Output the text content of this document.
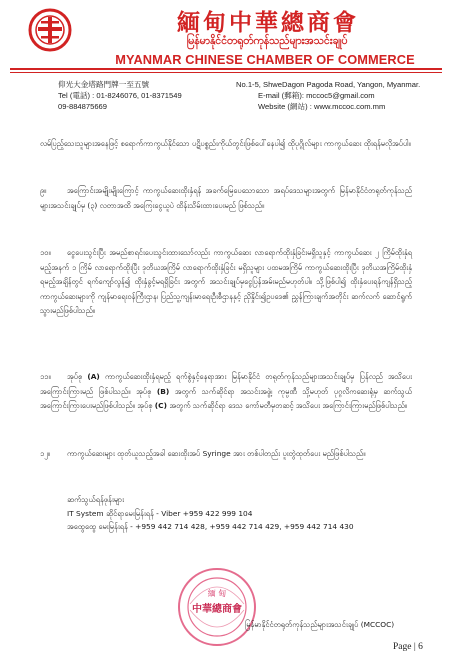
緬甸中華總商會
မြန်မာနိုင်ငံတရုတ်ကုန်သည်များအသင်းချုပ်
MYANMAR CHINESE CHAMBER OF COMMERCE
仰光大金塔路門牌一至五號
Tel (電話) : 01-8246076, 01-8371549
09-884875669
No.1-5, ShweDagon Pagoda Road, Yangon, Myanmar.
E-mail (郵箱): mccoc5@gmail.com
Website (網站) : www.mccoc.com.mm
လမ်ပြည့်သေးသူများအနေဖြင့် စရောက်ကာကွယ်နိုင်သော ပဋိပစ္စည်းကိုယ်တွင်းဖြစ်ပေါ်နေပါ၍ ထိုပုဂ္ဂိုလ်များ ကာကွယ်ဆေး ထိုးရန်မလိုအပ်ပါ။
၉။	အကြောင်းအမျိုးမျိုးကြောင့် ကာကွယ်ဆေးထိုးနှံရန် အခက်မြေပေသောသော အရပ်ဒေသများအတွက် မြန်မာနိုင်ငံတရုတ်ကုန်သည်များအသင်းချုပ်မှ (၃) လတာအထိ အကြေးငွေယူပဲ ထိန်းသိမ်းထားပေးမည် ဖြစ်သည်။
၁၀။	ငွေပေးသွင်းပြီး အမည်စာရင်းပေးသွင်းထားသော်လည်း ကာကွယ်ဆေး လာရောက်ထိုးနှံခြင်းမရှိသူနှင့် ကာကွယ်ဆေး ၂ ကြိမ်ထိုးနှံရမည့်အနက် ၁ ကြိမ် လာရောက်ထိုးပြီး ဒုတိယအကြိမ် လာရောက်ထိုးနှံခြင်း မရှိသူများ ပထမအကြိမ် ကာကွယ်ဆေးထိုးပြီး ဒုတိယအကြိမ်ထိုးနှံရမည့်အချိန်တွင် ရက်ကျော်လွန်၍ ထိုးနှံခွင့်မရရှိခြင်း အတွက် အသင်းချုပ်မှငွေပြန်အမ်းမည်မဟုတ်ပါ။ သို့ဖြစ်ပါ၍ ထိုးနှံပေးရန်ကျန်ရှိသည့် ကာကွယ်ဆေးများကို ကျန်မာရေးဝန်ကြီးဌာန၊ ပြည်သူ့ကျန်းမာရေးဦးစီဌာနနှင့် ညှိနှိုင်း၍ဥပဒေ၏ ညွှန်ကြားချက်အတိုင်း ဆက်လက် ဆောင်ရွက်သွားမည်ဖြစ်ပါသည်။
၁၁။	အုပ်စု (A) ကာကွယ်ဆေးထိုးနှံရမည့် ရက်စွဲနှင့်နေရာအား မြန်မာနိုင်ငံ တရုတ်ကုန်သည်များအသင်းချုပ်မှ ပြန်လည် အသိပေးအကြောင်းကြားမည် ဖြစ်ပါသည်။ အုပ်စု (B) အတွက် သက်ဆိုင်ရာ အသင်းအဖွဲ့၊ ကုမ္ပဏီ သို့မဟုတ် ပုဂ္ဂလိကဆေးရုံမှ ဆက်သွယ် အကြောင်းကြားပေးမည်ဖြစ်ပါသည်။ အုပ်စု (C) အတွက် သက်ဆိုင်ရာ ဒေသ ကော်မတီမှတဆင့် အသိပေး အကြောင်းကြားမည်ဖြစ်ပါသည်။
၁၂။	ကာကွယ်ဆေးများ ထုတ်ယူသည့်အခါ ဆေးထိုးအပ် Syringe အား တစ်ပါတည်း ပူးတွဲထုတ်ပေး မည်ဖြစ်ပါသည်။
ဆက်သွယ်ရန်ဖုန်းများ
IT System ဆိုင်ရာမေးမြန်းရန် - Viber +959 422 999 104
အထွေထွေ မေးမြန်းရန် - +959 442 714 428, +959 442 714 429, +959 442 714 430
緬 甸
中華總商會
မြန်မာနိုင်ငံတရုတ်ကုန်သည်များအသင်းချုပ် (MCCOC)
Page | 6
